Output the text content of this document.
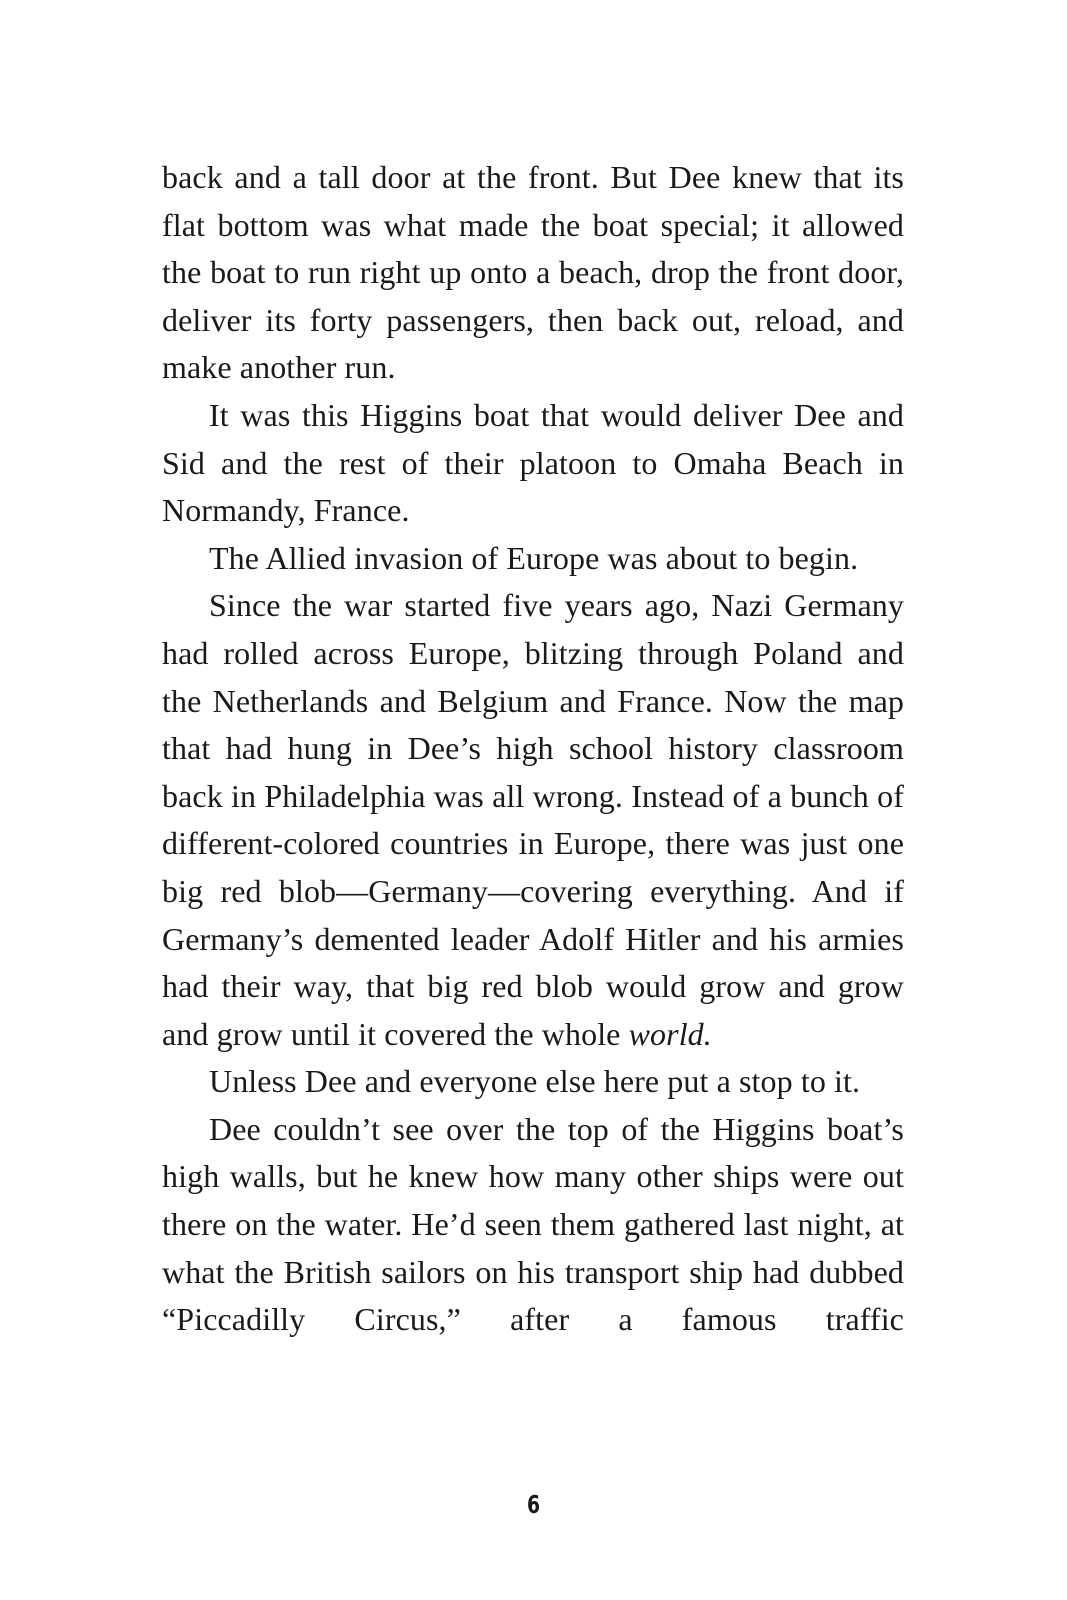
back and a tall door at the front. But Dee knew that its flat bottom was what made the boat special; it allowed the boat to run right up onto a beach, drop the front door, deliver its forty passengers, then back out, reload, and make another run.

It was this Higgins boat that would deliver Dee and Sid and the rest of their platoon to Omaha Beach in Normandy, France.

The Allied invasion of Europe was about to begin.

Since the war started five years ago, Nazi Germany had rolled across Europe, blitzing through Poland and the Netherlands and Belgium and France. Now the map that had hung in Dee’s high school history classroom back in Philadelphia was all wrong. Instead of a bunch of different-colored countries in Europe, there was just one big red blob—Germany—covering everything. And if Germany’s demented leader Adolf Hitler and his armies had their way, that big red blob would grow and grow and grow until it covered the whole world.

Unless Dee and everyone else here put a stop to it.

Dee couldn’t see over the top of the Higgins boat’s high walls, but he knew how many other ships were out there on the water. He’d seen them gathered last night, at what the British sailors on his transport ship had dubbed “Piccadilly Circus,” after a famous traffic

6
